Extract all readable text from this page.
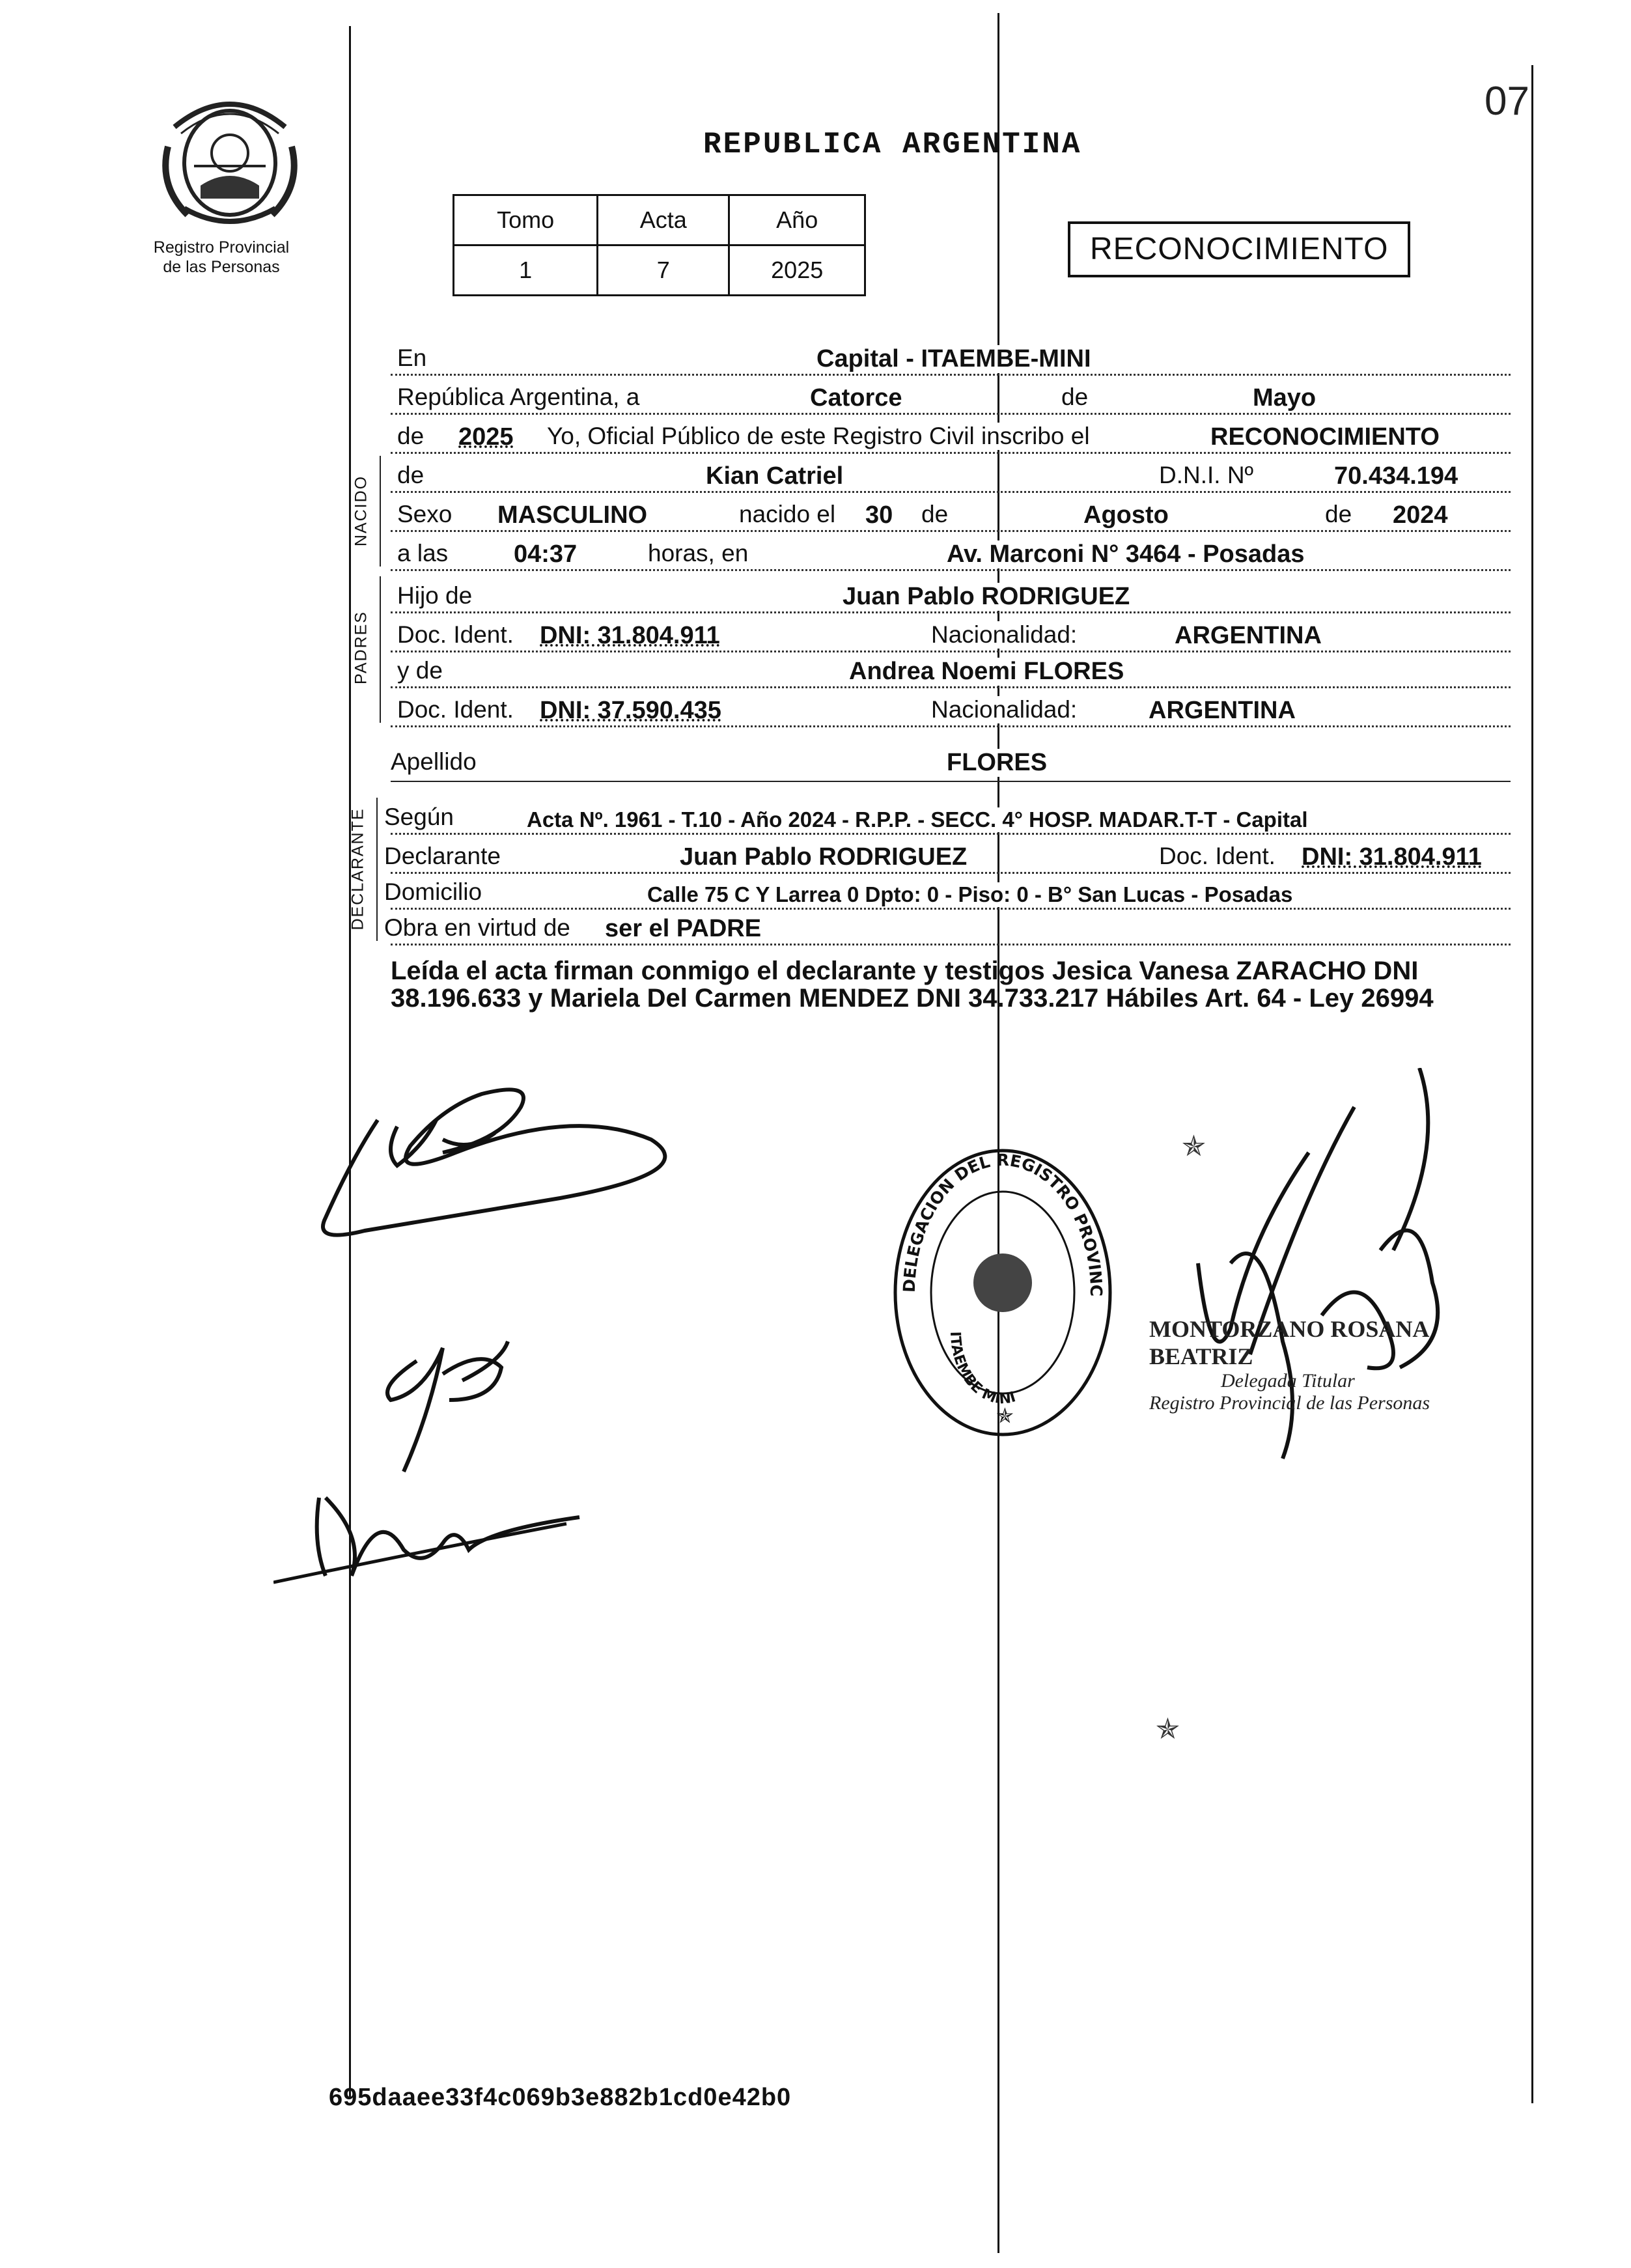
07
Registro Provincial
de las Personas
REPUBLICA ARGENTINA
Tomo	Acta	Año
1	7	2025
RECONOCIMIENTO
En	Capital - ITAEMBE-MINI
República Argentina, a	Catorce	de	Mayo
de 2025 Yo, Oficial Público de este Registro Civil inscribo el	RECONOCIMIENTO
NACIDO
de	Kian Catriel	D.N.I. Nº	70.434.194
Sexo MASCULINO	nacido el 30 de	Agosto	de 2024
a las	04:37	horas, en	Av. Marconi N° 3464 - Posadas
PADRES
Hijo de	Juan Pablo RODRIGUEZ
Doc. Ident. DNI: 31.804.911	Nacionalidad:	ARGENTINA
y de	Andrea Noemi FLORES
Doc. Ident. DNI: 37.590.435	Nacionalidad:	ARGENTINA
Apellido	FLORES
DECLARANTE Según	Acta Nº. 1961 - T.10 - Año 2024 - R.P.P. - SECC. 4° HOSP. MADAR.T-T - Capital
Declarante	Juan Pablo RODRIGUEZ	Doc. Ident. DNI: 31.804.911
Domicilio	Calle 75 C Y Larrea 0 Dpto: 0 - Piso: 0 - B° San Lucas - Posadas
Obra en virtud de ser el PADRE
Leída el acta firman conmigo el declarante y testigos Jesica Vanesa ZARACHO DNI 38.196.633 y Mariela Del Carmen MENDEZ DNI 34.733.217 Hábiles Art. 64 - Ley 26994
✯
✯
DELEGACION DEL REGISTRO PROVINC
ITAEMBE MINI
✯
MONTORZANO ROSANA BEATRIZ
Delegada Titular
Registro Provincial de las Personas
695daaee33f4c069b3e882b1cd0e42b0
